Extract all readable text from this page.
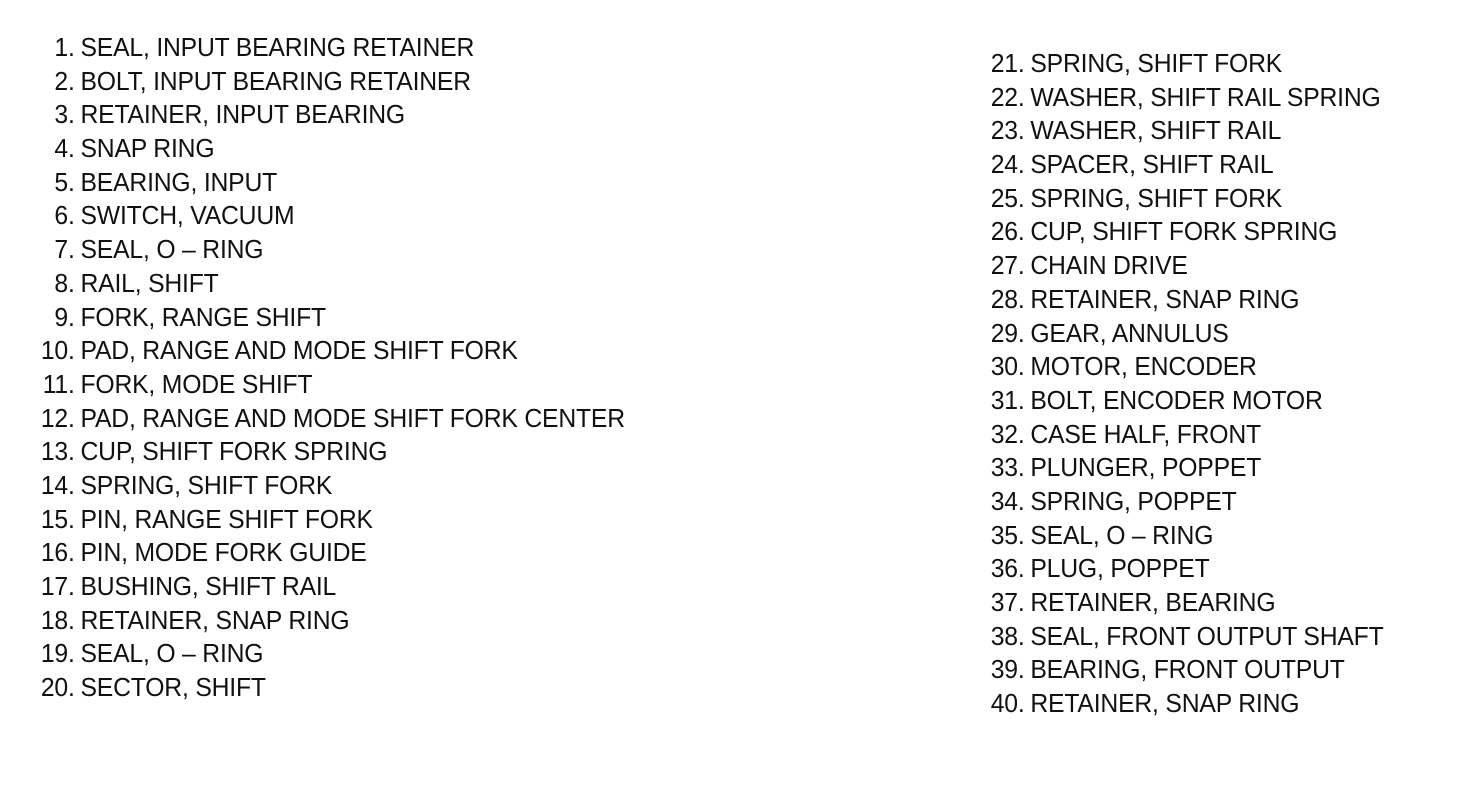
1. SEAL, INPUT BEARING RETAINER
2. BOLT, INPUT BEARING RETAINER
3. RETAINER, INPUT BEARING
4. SNAP RING
5. BEARING, INPUT
6. SWITCH, VACUUM
7. SEAL, O – RING
8. RAIL, SHIFT
9. FORK, RANGE SHIFT
10. PAD, RANGE AND MODE SHIFT FORK
11. FORK, MODE SHIFT
12. PAD, RANGE AND MODE SHIFT FORK CENTER
13. CUP, SHIFT FORK SPRING
14. SPRING, SHIFT FORK
15. PIN, RANGE SHIFT FORK
16. PIN, MODE FORK GUIDE
17. BUSHING, SHIFT RAIL
18. RETAINER, SNAP RING
19. SEAL, O – RING
20. SECTOR, SHIFT
21. SPRING, SHIFT FORK
22. WASHER, SHIFT RAIL SPRING
23. WASHER, SHIFT RAIL
24. SPACER, SHIFT RAIL
25. SPRING, SHIFT FORK
26. CUP, SHIFT FORK SPRING
27. CHAIN DRIVE
28. RETAINER, SNAP RING
29. GEAR, ANNULUS
30. MOTOR, ENCODER
31. BOLT, ENCODER MOTOR
32. CASE HALF, FRONT
33. PLUNGER, POPPET
34. SPRING, POPPET
35. SEAL, O – RING
36. PLUG, POPPET
37. RETAINER, BEARING
38. SEAL, FRONT OUTPUT SHAFT
39. BEARING, FRONT OUTPUT
40. RETAINER, SNAP RING
